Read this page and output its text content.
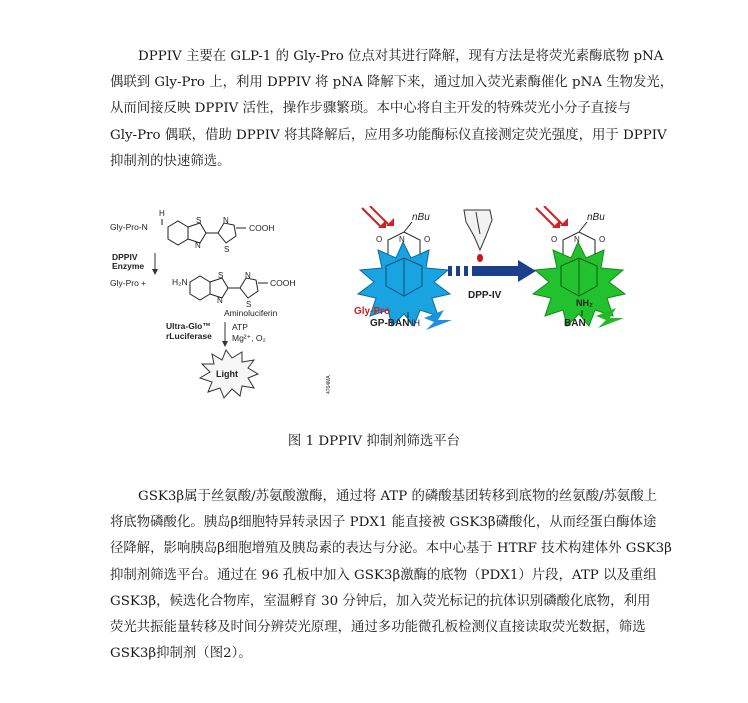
DPPIV 主要在 GLP-1 的 Gly-Pro 位点对其进行降解，现有方法是将荧光素酶底物 pNA
偶联到 Gly-Pro 上，利用 DPPIV 将 pNA 降解下来，通过加入荧光素酶催化 pNA 生物发光，
从而间接反映 DPPIV 活性，操作步骤繁琐。本中心将自主开发的特殊荧光小分子直接与
Gly-Pro 偶联，借助 DPPIV 将其降解后，应用多功能酶标仪直接测定荧光强度，用于 DPPIV
抑制剂的快速筛选。
H
Gly-Pro-N
S
N
N
S
COOH
DPPIV
Enzyme
Gly-Pro +	H₂N
S
N
N
S
COOH
Aminoluciferin
Ultra-Glo™
rLuciferase
ATP
Mg²⁺, O₂
Light
4764MA
nBu
N
O	O
NH
Gly-Pro
GP-BAN
DPP-IV
nBu
N
O	O
NH₂
BAN
图 1 DPPIV 抑制剂筛选平台
GSK3β属于丝氨酸/苏氨酸激酶，通过将 ATP 的磷酸基团转移到底物的丝氨酸/苏氨酸上
将底物磷酸化。胰岛β细胞特异转录因子 PDX1 能直接被 GSK3β磷酸化，从而经蛋白酶体途
径降解，影响胰岛β细胞增殖及胰岛素的表达与分泌。本中心基于 HTRF 技术构建体外 GSK3β
抑制剂筛选平台。通过在 96 孔板中加入 GSK3β激酶的底物（PDX1）片段，ATP 以及重组
GSK3β，候选化合物库，室温孵育 30 分钟后，加入荧光标记的抗体识别磷酸化底物，利用
荧光共振能量转移及时间分辨荧光原理，通过多功能微孔板检测仪直接读取荧光数据，筛选
GSK3β抑制剂（图2）。
